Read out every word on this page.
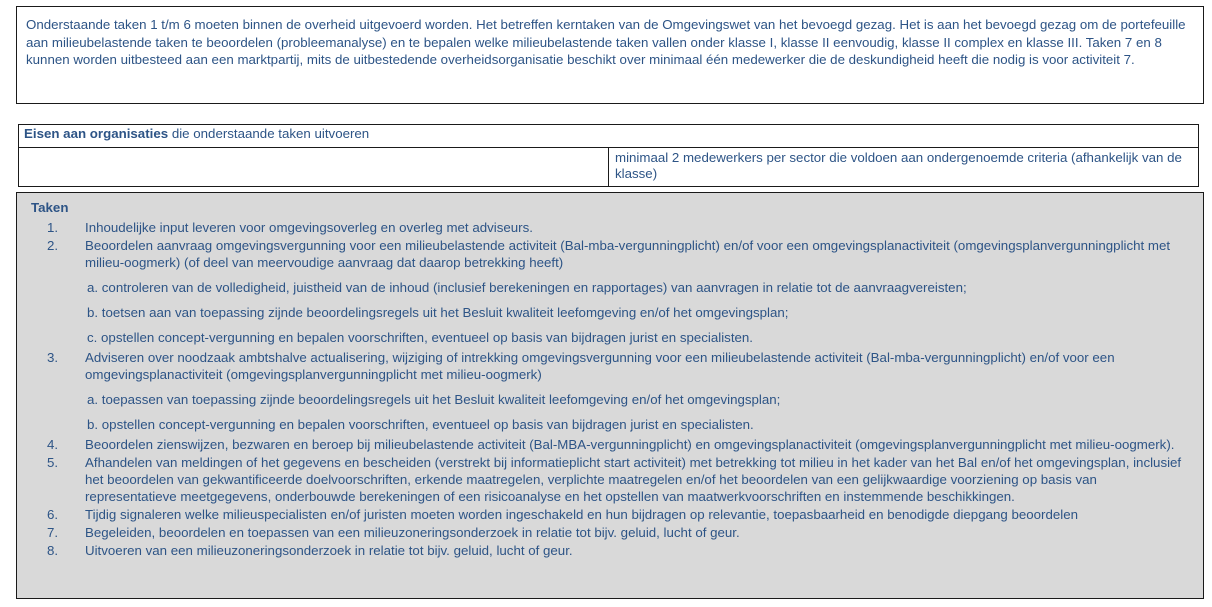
Onderstaande taken 1 t/m 6 moeten binnen de overheid uitgevoerd worden. Het betreffen kerntaken van de Omgevingswet van het bevoegd gezag. Het is aan het bevoegd gezag om de portefeuille aan milieubelastende taken te beoordelen (probleemanalyse) en te bepalen welke milieubelastende taken vallen onder klasse I, klasse II eenvoudig, klasse II complex en klasse III. Taken 7 en 8 kunnen worden uitbesteed aan een marktpartij, mits de uitbestedende overheidsorganisatie beschikt over minimaal één medewerker die de deskundigheid heeft die nodig is voor activiteit 7.
Eisen aan organisaties die onderstaande taken uitvoeren
	minimaal 2 medewerkers per sector die voldoen aan ondergenoemde criteria (afhankelijk van de klasse)
Taken
1.	Inhoudelijke input leveren voor omgevingsoverleg en overleg met adviseurs.
2.	Beoordelen aanvraag omgevingsvergunning voor een milieubelastende activiteit (Bal-mba-vergunningplicht) en/of voor een omgevingsplanactiviteit (omgevingsplanvergunningplicht met milieu-oogmerk) (of deel van meervoudige aanvraag dat daarop betrekking heeft)
a. controleren van de volledigheid, juistheid van de inhoud (inclusief berekeningen en rapportages) van aanvragen in relatie tot de aanvraagvereisten;
b. toetsen aan van toepassing zijnde beoordelingsregels uit het Besluit kwaliteit leefomgeving en/of het omgevingsplan;
c. opstellen concept-vergunning en bepalen voorschriften, eventueel op basis van bijdragen jurist en specialisten.
3.	Adviseren over noodzaak ambtshalve actualisering, wijziging of intrekking omgevingsvergunning voor een milieubelastende activiteit (Bal-mba-vergunningplicht) en/of voor een omgevingsplanactiviteit (omgevingsplanvergunningplicht met milieu-oogmerk)
a. toepassen van toepassing zijnde beoordelingsregels uit het Besluit kwaliteit leefomgeving en/of het omgevingsplan;
b. opstellen concept-vergunning en bepalen voorschriften, eventueel op basis van bijdragen jurist en specialisten.
4.	Beoordelen zienswijzen, bezwaren en beroep bij milieubelastende activiteit (Bal-MBA-vergunningplicht) en omgevingsplanactiviteit (omgevingsplanvergunningplicht met milieu-oogmerk).
5.	Afhandelen van meldingen of het gegevens en bescheiden (verstrekt bij informatieplicht start activiteit) met betrekking tot milieu in het kader van het Bal en/of het omgevingsplan, inclusief het beoordelen van gekwantificeerde doelvoorschriften, erkende maatregelen, verplichte maatregelen en/of het beoordelen van een gelijkwaardige voorziening op basis van representatieve meetgegevens, onderbouwde berekeningen of een risicoanalyse en het opstellen van maatwerkvoorschriften en instemmende beschikkingen.
6.	Tijdig signaleren welke milieuspecialisten en/of juristen moeten worden ingeschakeld en hun bijdragen op relevantie, toepasbaarheid en benodigde diepgang beoordelen
7.	Begeleiden, beoordelen en toepassen van een milieuzoneringsonderzoek in relatie tot bijv. geluid, lucht of geur.
8.	Uitvoeren van een milieuzoneringsonderzoek in relatie tot bijv. geluid, lucht of geur.
